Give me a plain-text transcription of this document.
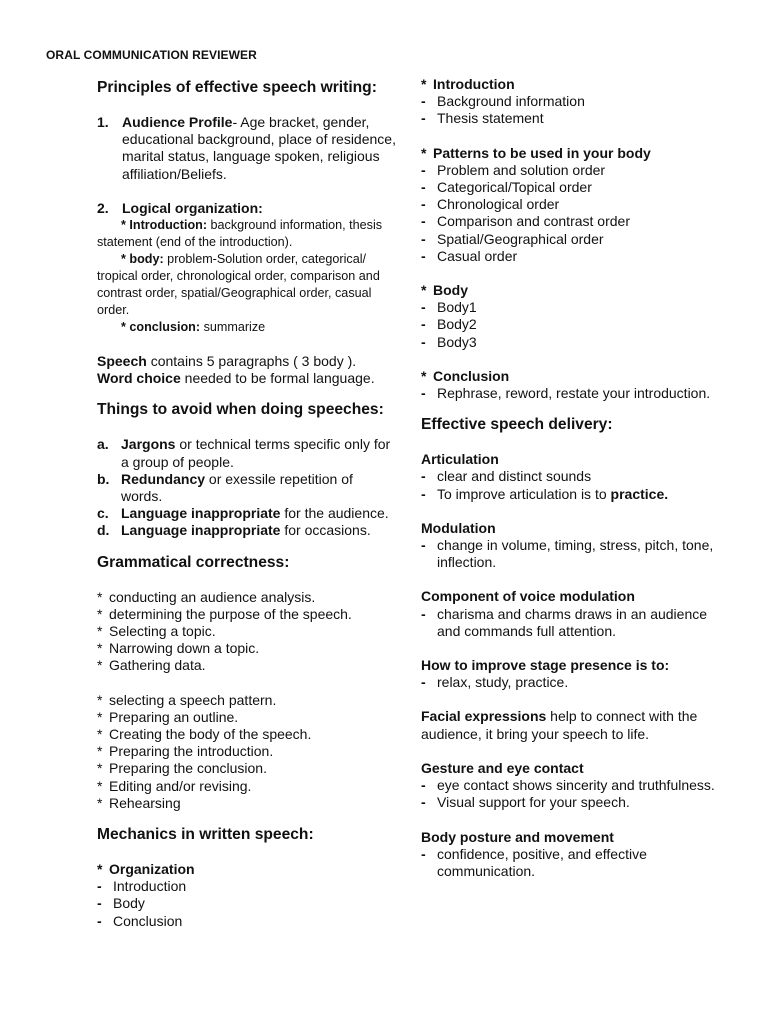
ORAL COMMUNICATION REVIEWER
Principles of effective speech writing:
1. Audience Profile- Age bracket, gender, educational background, place of residence, marital status, language spoken, religious affiliation/Beliefs.
2. Logical organization:
* Introduction: background information, thesis statement (end of the introduction).
* body: problem-Solution order, categorical/ tropical order, chronological order, comparison and contrast order, spatial/Geographical order, casual order.
* conclusion: summarize
Speech contains 5 paragraphs ( 3 body ).
Word choice needed to be formal language.
Things to avoid when doing speeches:
a. Jargons or technical terms specific only for a group of people.
b. Redundancy or exessile repetition of words.
c. Language inappropriate for the audience.
d. Language inappropriate for occasions.
Grammatical correctness:
* conducting an audience analysis.
* determining the purpose of the speech.
* Selecting a topic.
* Narrowing down a topic.
* Gathering data.
* selecting a speech pattern.
* Preparing an outline.
* Creating the body of the speech.
* Preparing the introduction.
* Preparing the conclusion.
* Editing and/or revising.
* Rehearsing
Mechanics in written speech:
* Organization
- Introduction
- Body
- Conclusion
* Introduction
- Background information
- Thesis statement
* Patterns to be used in your body
- Problem and solution order
- Categorical/Topical order
- Chronological order
- Comparison and contrast order
- Spatial/Geographical order
- Casual order
* Body
- Body1
- Body2
- Body3
* Conclusion
- Rephrase, reword, restate your introduction.
Effective speech delivery:
Articulation
- clear and distinct sounds
- To improve articulation is to practice.
Modulation
- change in volume, timing, stress, pitch, tone, inflection.
Component of voice modulation
- charisma and charms draws in an audience and commands full attention.
How to improve stage presence is to:
- relax, study, practice.
Facial expressions help to connect with the audience, it bring your speech to life.
Gesture and eye contact
- eye contact shows sincerity and truthfulness.
- Visual support for your speech.
Body posture and movement
- confidence, positive, and effective communication.
